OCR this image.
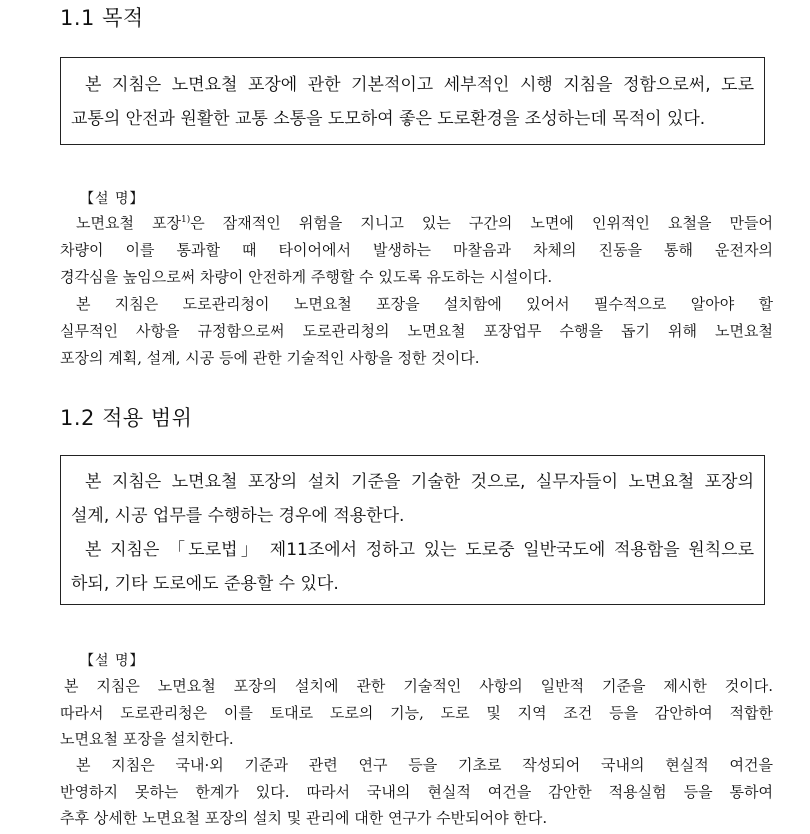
1.1 목적

본 지침은 노면요철 포장에 관한 기본적이고 세부적인 시행 지침을 정함으로써, 도로

교통의 안전과 원활한 교통 소통을 도모하여 좋은 도로환경을 조성하는데 목적이 있다.

【설 명】
노면요철 포장$^{1)}$은 잠재적인 위험을 지니고 있는 구간의 노면에 인위적인 요철을 만들어
차량이 이를 통과할 때 타이어에서 발생하는 마찰음과 차체의 진동을 통해 운전자의
경각심을 높임으로써 차량이 안전하게 주행할 수 있도록 유도하는 시설이다.
본 지침은 도로관리청이 노면요철 포장을 설치함에 있어서 필수적으로 알아야 할
실무적인 사항을 규정함으로써 도로관리청의 노면요철 포장업무 수행을 돕기 위해 노면요철
포장의 계획, 설계, 시공 등에 관한 기술적인 사항을 정한 것이다.
1.2 적용 범위

본 지침은 노면요철 포장의 설치 기준을 기술한 것으로, 실무자들이 노면요철 포장의

설계, 시공 업무를 수행하는 경우에 적용한다.

본 지침은 「도로법」 제11조에서 정하고 있는 도로중 일반국도에 적용함을 원칙으로

하되, 기타 도로에도 준용할 수 있다.

【설 명】
본 지침은 노면요철 포장의 설치에 관한 기술적인 사항의 일반적 기준을 제시한 것이다.
따라서 도로관리청은 이를 토대로 도로의 기능, 도로 및 지역 조건 등을 감안하여 적합한
노면요철 포장을 설치한다.
본 지침은 국내·외 기준과 관련 연구 등을 기초로 작성되어 국내의 현실적 여건을
반영하지 못하는 한계가 있다. 따라서 국내의 현실적 여건을 감안한 적용실험 등을 통하여
추후 상세한 노면요철 포장의 설치 및 관리에 대한 연구가 수반되어야 한다.
